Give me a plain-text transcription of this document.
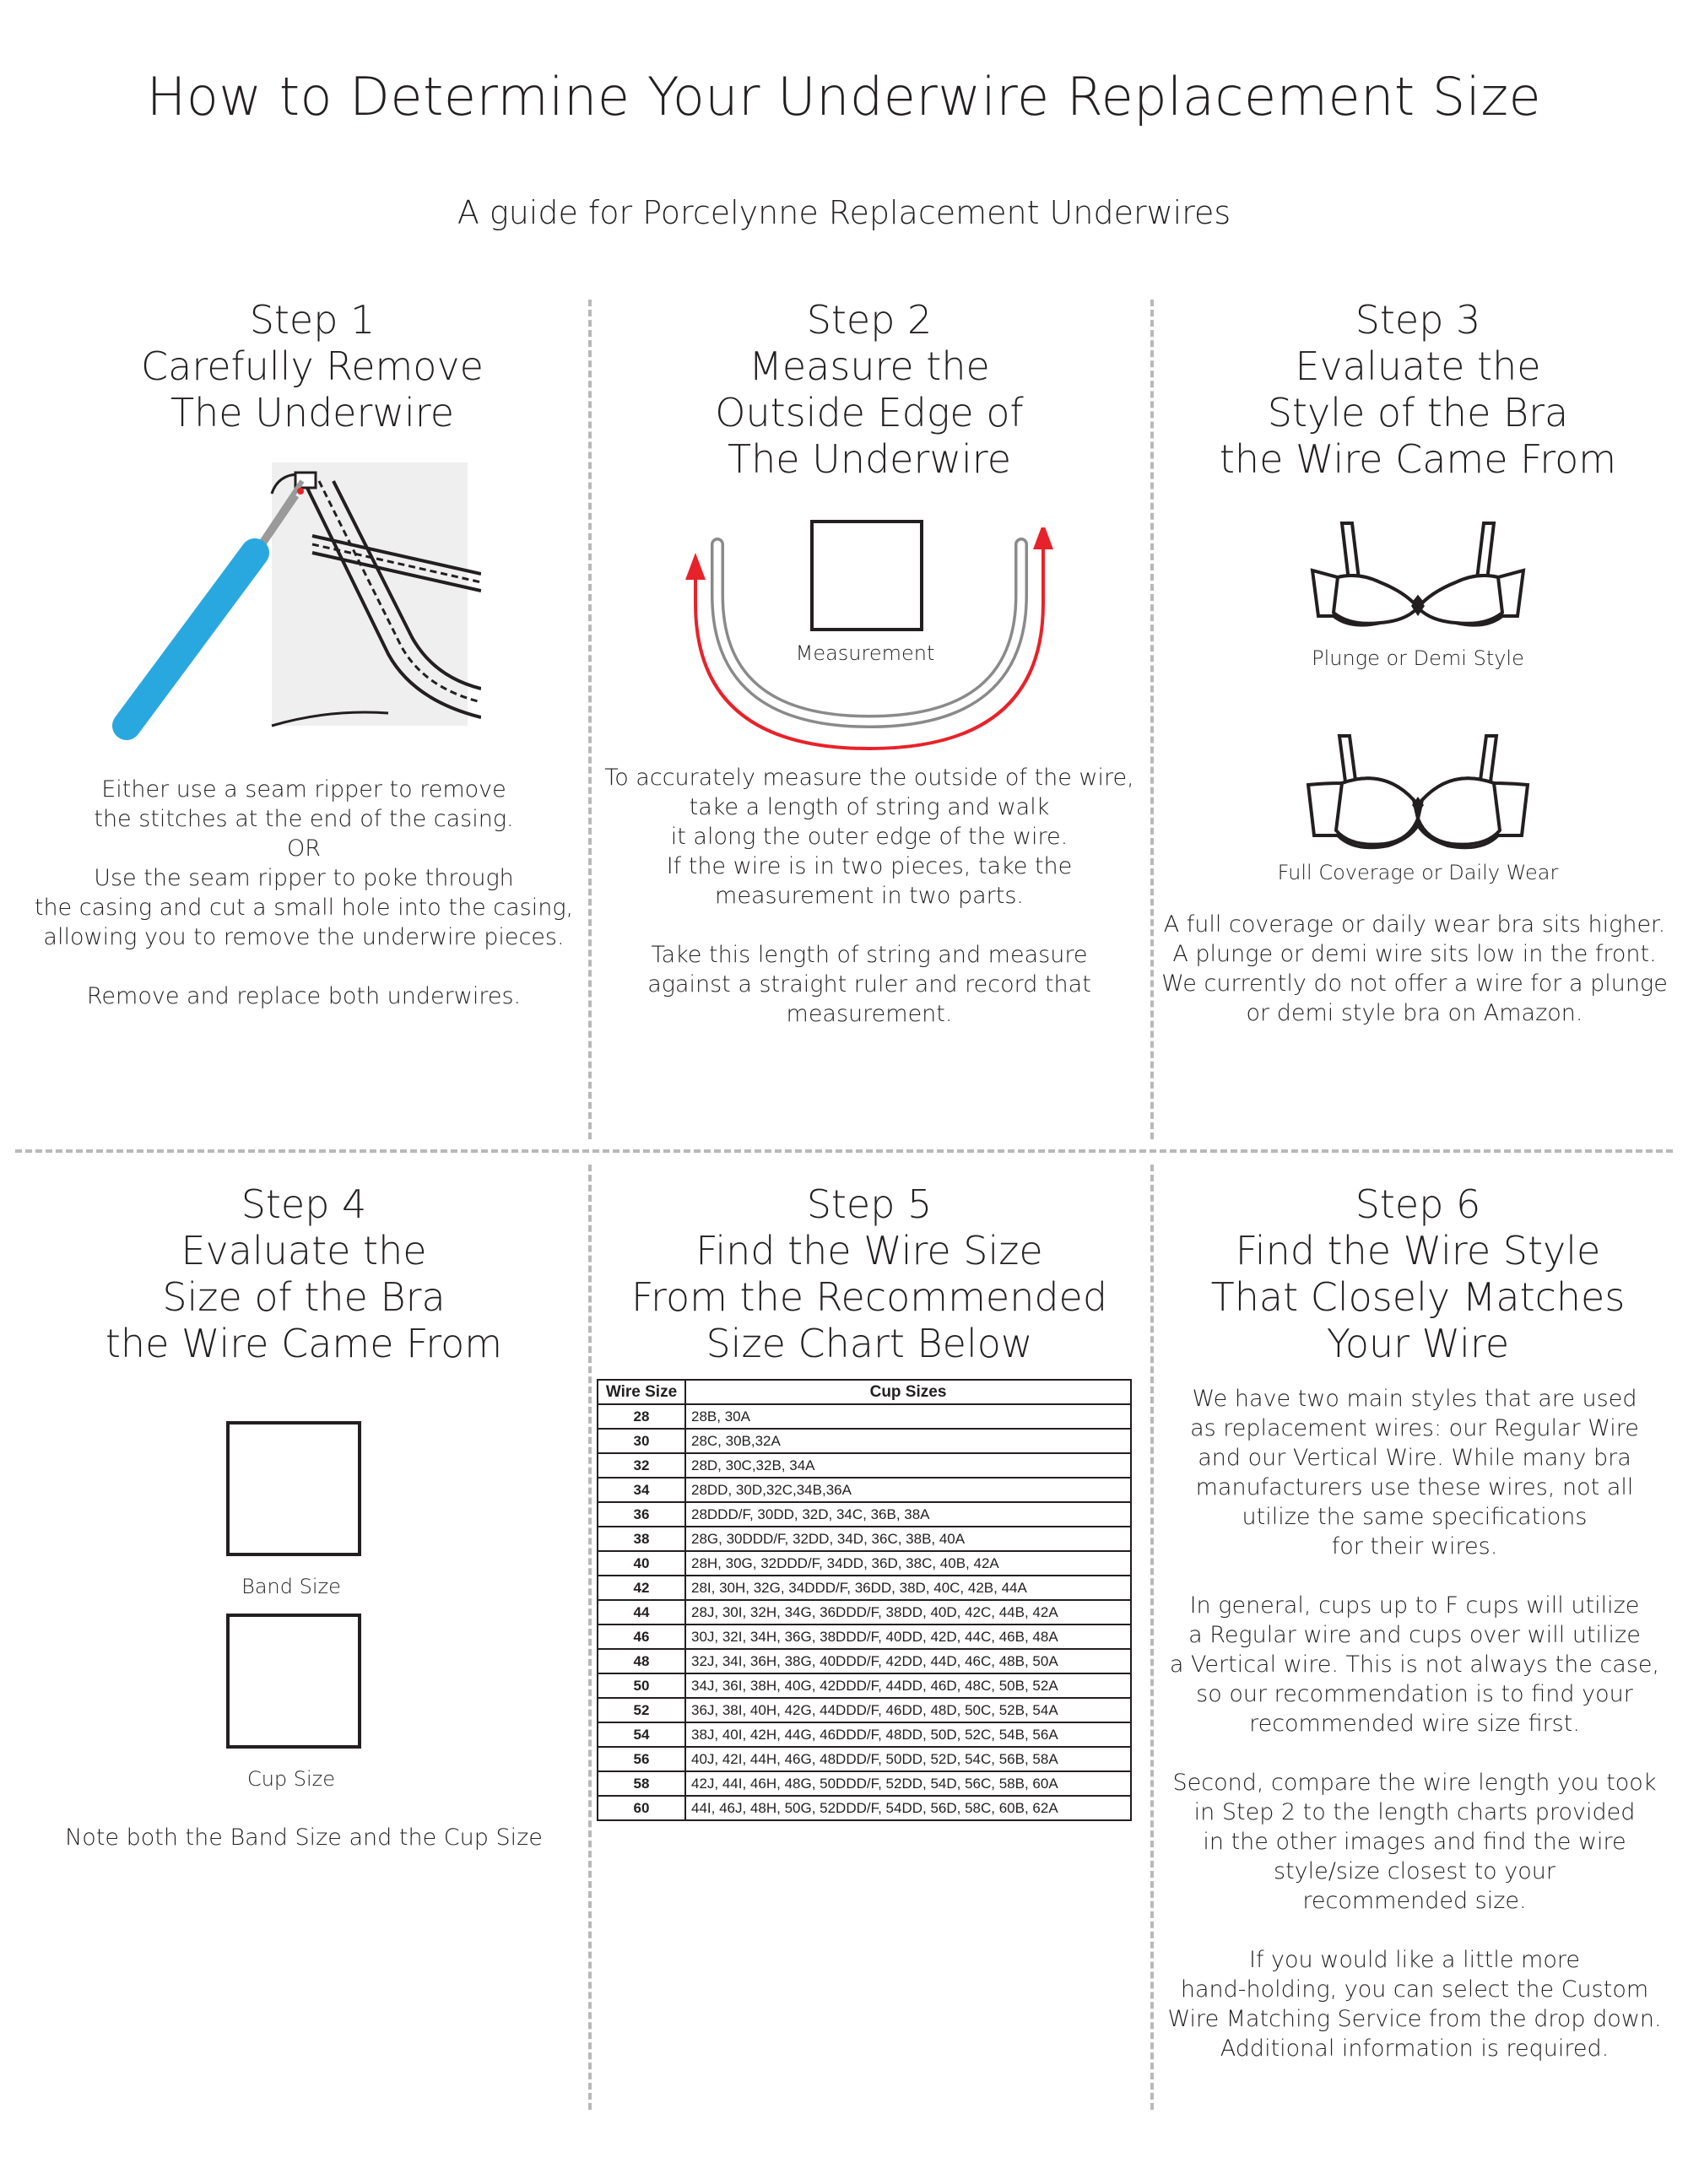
How to Determine Your Underwire Replacement Size
A guide for Porcelynne Replacement Underwires
Step 1
Carefully Remove
The Underwire

Either use a seam ripper to remove
the stitches at the end of the casing.
OR
Use the seam ripper to poke through
the casing and cut a small hole into the casing,
allowing you to remove the underwire pieces.

Remove and replace both underwires.

Step 2
Measure the
Outside Edge of
The Underwire
Measurement

To accurately measure the outside of the wire,
take a length of string and walk
it along the outer edge of the wire.
If the wire is in two pieces, take the
measurement in two parts.

Take this length of string and measure
against a straight ruler and record that
measurement.

Step 3
Evaluate the
Style of the Bra
the Wire Came From
Plunge or Demi Style
Full Coverage or Daily Wear

A full coverage or daily wear bra sits higher.
A plunge or demi wire sits low in the front.
We currently do not offer a wire for a plunge
or demi style bra on Amazon.

Step 4
Evaluate the
Size of the Bra
the Wire Came From
Band Size
Cup Size

Note both the Band Size and the Cup Size

Step 5
Find the Wire Size
From the Recommended
Size Chart Below
Wire Size	Cup Sizes
28	28B, 30A
30	28C, 30B,32A
32	28D, 30C,32B, 34A
34	28DD, 30D,32C,34B,36A
36	28DDD/F, 30DD, 32D, 34C, 36B, 38A
38	28G, 30DDD/F, 32DD, 34D, 36C, 38B, 40A
40	28H, 30G, 32DDD/F, 34DD, 36D, 38C, 40B, 42A
42	28I, 30H, 32G, 34DDD/F, 36DD, 38D, 40C, 42B, 44A
44	28J, 30I, 32H, 34G, 36DDD/F, 38DD, 40D, 42C, 44B, 42A
46	30J, 32I, 34H, 36G, 38DDD/F, 40DD, 42D, 44C, 46B, 48A
48	32J, 34I, 36H, 38G, 40DDD/F, 42DD, 44D, 46C, 48B, 50A
50	34J, 36I, 38H, 40G, 42DDD/F, 44DD, 46D, 48C, 50B, 52A
52	36J, 38I, 40H, 42G, 44DDD/F, 46DD, 48D, 50C, 52B, 54A
54	38J, 40I, 42H, 44G, 46DDD/F, 48DD, 50D, 52C, 54B, 56A
56	40J, 42I, 44H, 46G, 48DDD/F, 50DD, 52D, 54C, 56B, 58A
58	42J, 44I, 46H, 48G, 50DDD/F, 52DD, 54D, 56C, 58B, 60A
60	44I, 46J, 48H, 50G, 52DDD/F, 54DD, 56D, 58C, 60B, 62A
Step 6
Find the Wire Style
That Closely Matches
Your Wire

We have two main styles that are used
as replacement wires: our Regular Wire
and our Vertical Wire. While many bra
manufacturers use these wires, not all
utilize the same specifications
for their wires.

In general, cups up to F cups will utilize
a Regular wire and cups over will utilize
a Vertical wire. This is not always the case,
so our recommendation is to find your
recommended wire size first.

Second, compare the wire length you took
in Step 2 to the length charts provided
in the other images and find the wire
style/size closest to your
recommended size.

If you would like a little more
hand-holding, you can select the Custom
Wire Matching Service from the drop down.
Additional information is required.
